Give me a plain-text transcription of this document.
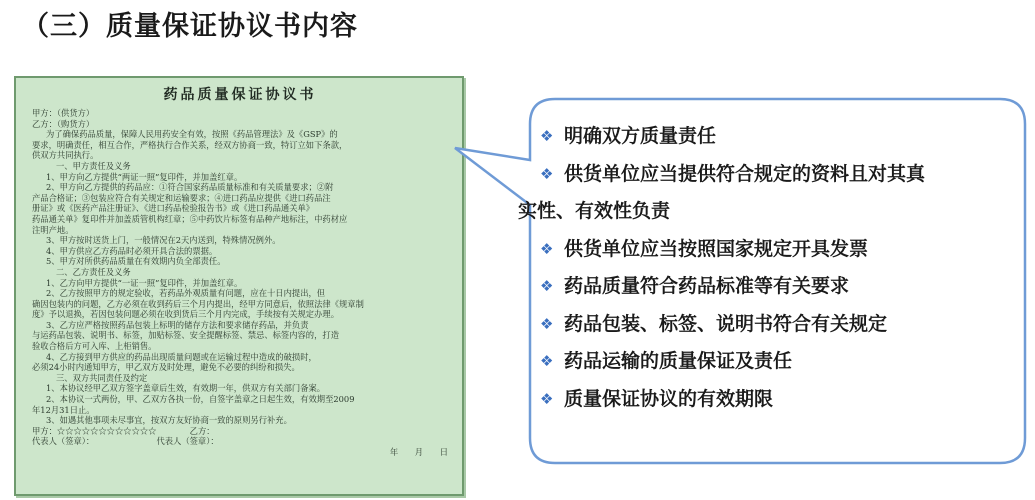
（三）质量保证协议书内容
药品质量保证协议书
甲方：（供货方）
乙方：（购货方）
为了确保药品质量，保障人民用药安全有效，按照《药品管理法》及《GSP》的
要求，明确责任，相互合作，严格执行合作关系，经双方协商一致，特订立如下条款，
供双方共同执行。
一、甲方责任及义务
1、甲方向乙方提供“两证一照”复印件，并加盖红章。
2、甲方向乙方提供的药品应：①符合国家药品质量标准和有关质量要求；②附
产品合格证；③包装应符合有关规定和运输要求；④进口药品应提供《进口药品注
册证》或《医药产品注册证》、《进口药品检验报告书》或《进口药品通关单》
药品通关单》复印件并加盖质管机构红章；⑤中药饮片标签有品种产地标注，中药材应
注明产地。
3、甲方按时送货上门，一般情况在2天内送到，特殊情况例外。
4、甲方供应乙方药品时必须开具合法的票据。
5、甲方对所供药品质量在有效期内负全部责任。
二、乙方责任及义务
1、乙方向甲方提供“一证一照”复印件，并加盖红章。
2、乙方按照甲方的规定验收，若药品外观质量有问题，应在十日内提出，但
确因包装内的问题，乙方必须在收到药后三个月内提出，经甲方同意后，依照法律《规章制
度》予以退换，若因包装问题必须在收到货后三个月内完成，手续按有关规定办理。
3、乙方应严格按照药品包装上标明的储存方法和要求储存药品，并负责
与运药品包装、说明书、标签，加贴标签、安全提醒标签、禁忌、标签内容的，打造
验收合格后方可入库、上柜销售。
4、乙方接到甲方供应的药品出现质量问题或在运输过程中造成的破损时，
必须24小时内通知甲方，甲乙双方及时处理，避免不必要的纠纷和损失。
三、双方共同责任及约定
1、本协议经甲乙双方签字盖章后生效，有效期一年，供双方有关部门备案。
2、本协议一式两份，甲、乙双方各执一份，自签字盖章之日起生效，有效期至2009
年12月31日止。
3、如遇其他事项未尽事宜，按双方友好协商一致的原则另行补充。
甲方：☆☆☆☆☆☆☆☆☆☆☆☆　　　　乙方：
代表人（签章）：　　　　　　　　代表人（签章）：
年　　月　　日
❖ 明确双方质量责任
❖ 供货单位应当提供符合规定的资料且对其真
实性、有效性负责
❖ 供货单位应当按照国家规定开具发票
❖ 药品质量符合药品标准等有关要求
❖ 药品包装、标签、说明书符合有关规定
❖ 药品运输的质量保证及责任
❖ 质量保证协议的有效期限
